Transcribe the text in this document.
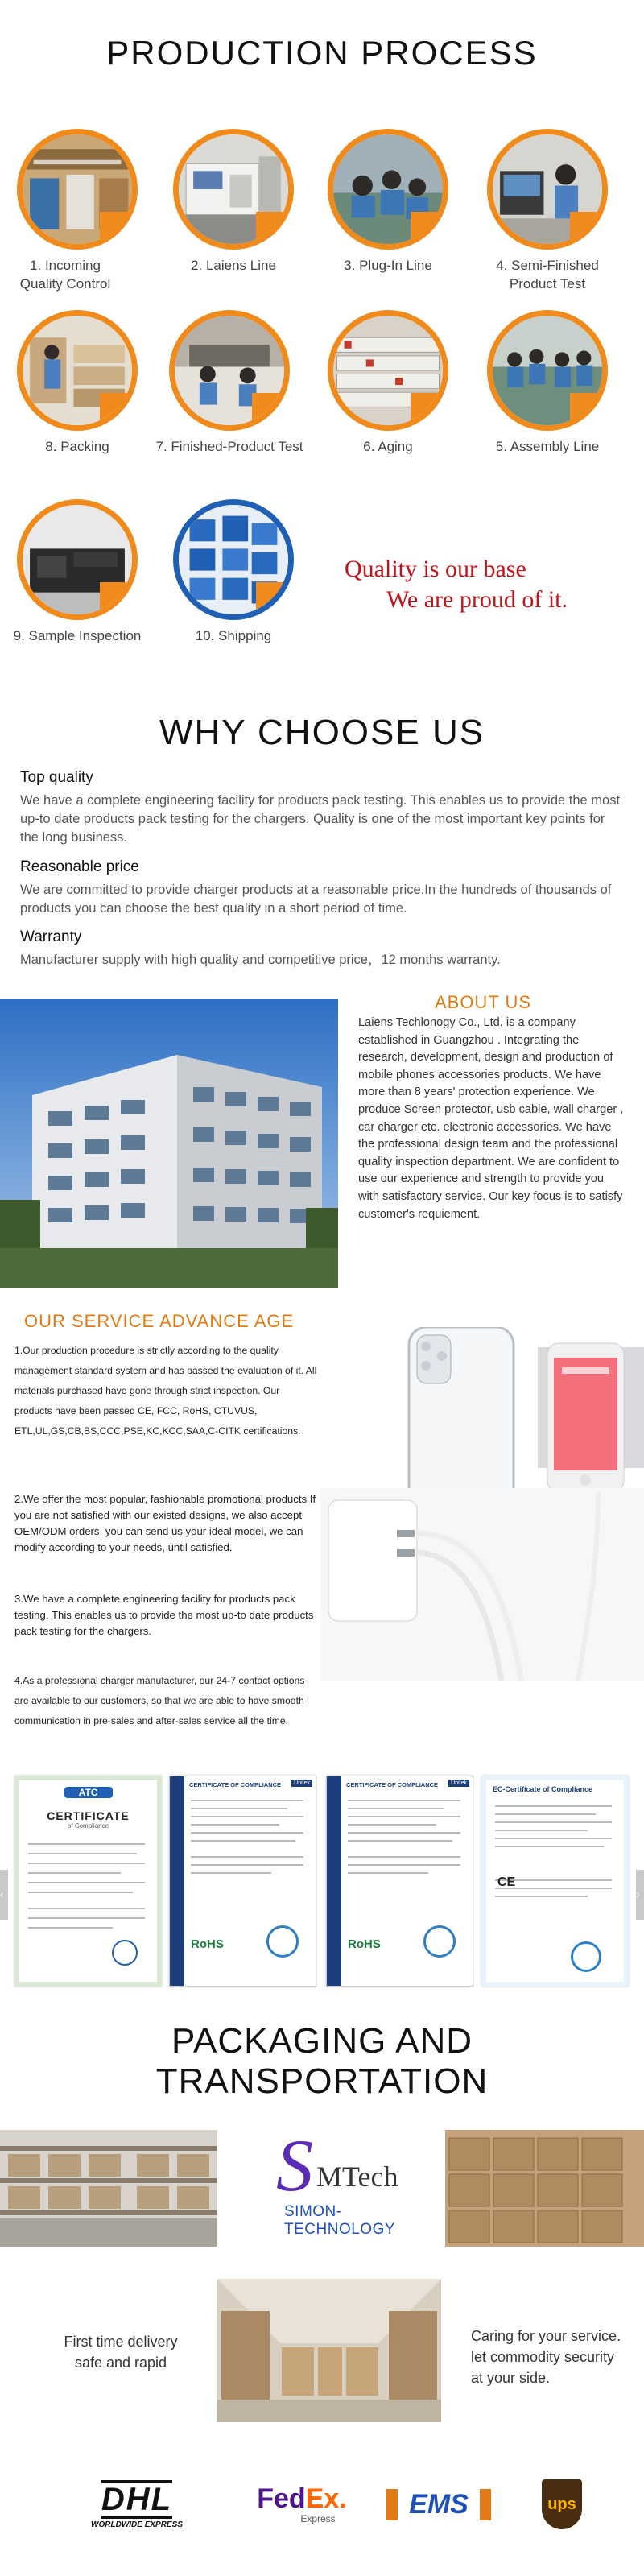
PRODUCTION PROCESS
1. Incoming Quality Control
2. Laiens Line	3. Plug-In Line	4. Semi-Finished Product Test
8. Packing	7. Finished-Product Test	6. Aging	5. Assembly Line
9. Sample Inspection	10. Shipping
Quality is our base
We are proud of it.
WHY CHOOSE US
Top quality
We have a complete engineering facility for products pack testing. This enables us to provide the most up-to date products pack testing for the chargers. Quality is one of the most important key points for the long business.
Reasonable price
We are committed to provide charger products at a reasonable price.In the hundreds of thousands of products you can choose the best quality in a short period of time.
Warranty
Manufacturer supply with high quality and competitive price，12 months warranty.
ABOUT US
Laiens Techlonogy Co., Ltd. is a company established in Guangzhou . Integrating the research, development, design and production of mobile phones accessories products. We have more than 8 years' protection experience. We produce Screen protector, usb cable, wall charger , car charger etc. electronic accessories. We have the professional design team and the professional quality inspection department. We are confident to use our experience and strength to provide you with satisfactory service. Our key focus is to satisfy customer's requiement.
OUR SERVICE ADVANCE AGE
1.Our production procedure is strictly according to the quality management standard system and has passed the evaluation of it. All materials purchased have gone through strict inspection. Our products have been passed CE, FCC, RoHS, CTUVUS, ETL,UL,GS,CB,BS,CCC,PSE,KC,KCC,SAA,C-CITK certifications.
2.We offer the most popular, fashionable promotional products If you are not satisfied with our existed designs, we also accept OEM/ODM orders, you can send us your ideal model, we can modify according to your needs, until satisfied.
3.We have a complete engineering facility for products pack testing. This enables us to provide the most up-to date products pack testing for the chargers.
4.As a professional charger manufacturer, our 24-7 contact options are available to our customers, so that we are able to have smooth communication in pre-sales and after-sales service all the time.
‹	›
ATC
CERTIFICATE
of Compliance
CERTIFICATE OF COMPLIANCE	Unitek
RoHS
CERTIFICATE OF COMPLIANCE	Unitek
RoHS
EC-Certificate of Compliance
CE
PACKAGING AND
TRANSPORTATION
S MTech
SIMON-TECHNOLOGY
First time delivery
safe and rapid
Caring for your service.
let commodity security
at your side.
DHL
WORLDWIDE EXPRESS
FedEx.
Express	EMS	ups
